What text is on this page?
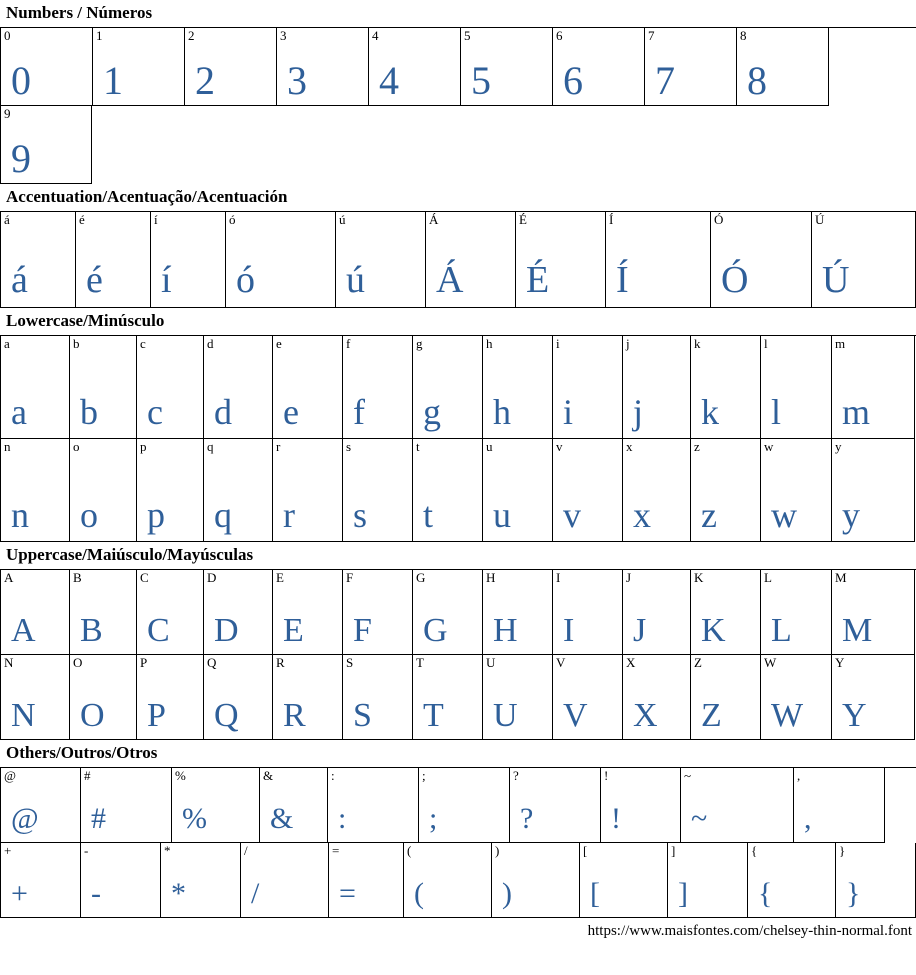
Numbers / Números
0
0
1
1
2
2
3
3
4
4
5
5
6
6
7
7
8
8
9
9
Accentuation/Acentuação/Acentuación
á
á
é
é
í
í
ó
ó
ú
ú
Á
Á
É
É
Í
Í
Ó
Ó
Ú
Ú
Lowercase/Minúsculo
a
a
b
b
c
c
d
d
e
e
f
f
g
g
h
h
i
i
j
j
k
k
l
l
m
m
n
n
o
o
p
p
q
q
r
r
s
s
t
t
u
u
v
v
x
x
z
z
w
w
y
y
Uppercase/Maiúsculo/Mayúsculas
A
A
B
B
C
C
D
D
E
E
F
F
G
G
H
H
I
I
J
J
K
K
L
L
M
M
N
N
O
O
P
P
Q
Q
R
R
S
S
T
T
U
U
V
V
X
X
Z
Z
W
W
Y
Y
Others/Outros/Otros
@
@
#
#
%
%
&
&
:
:
;
;
?
?
!
!
~
~
,
,
+
+
-
-
*
*
/
/
=
=
(
(
)
)
[
[
]
]
{
{
}
}
https://www.maisfontes.com/chelsey-thin-normal.font
